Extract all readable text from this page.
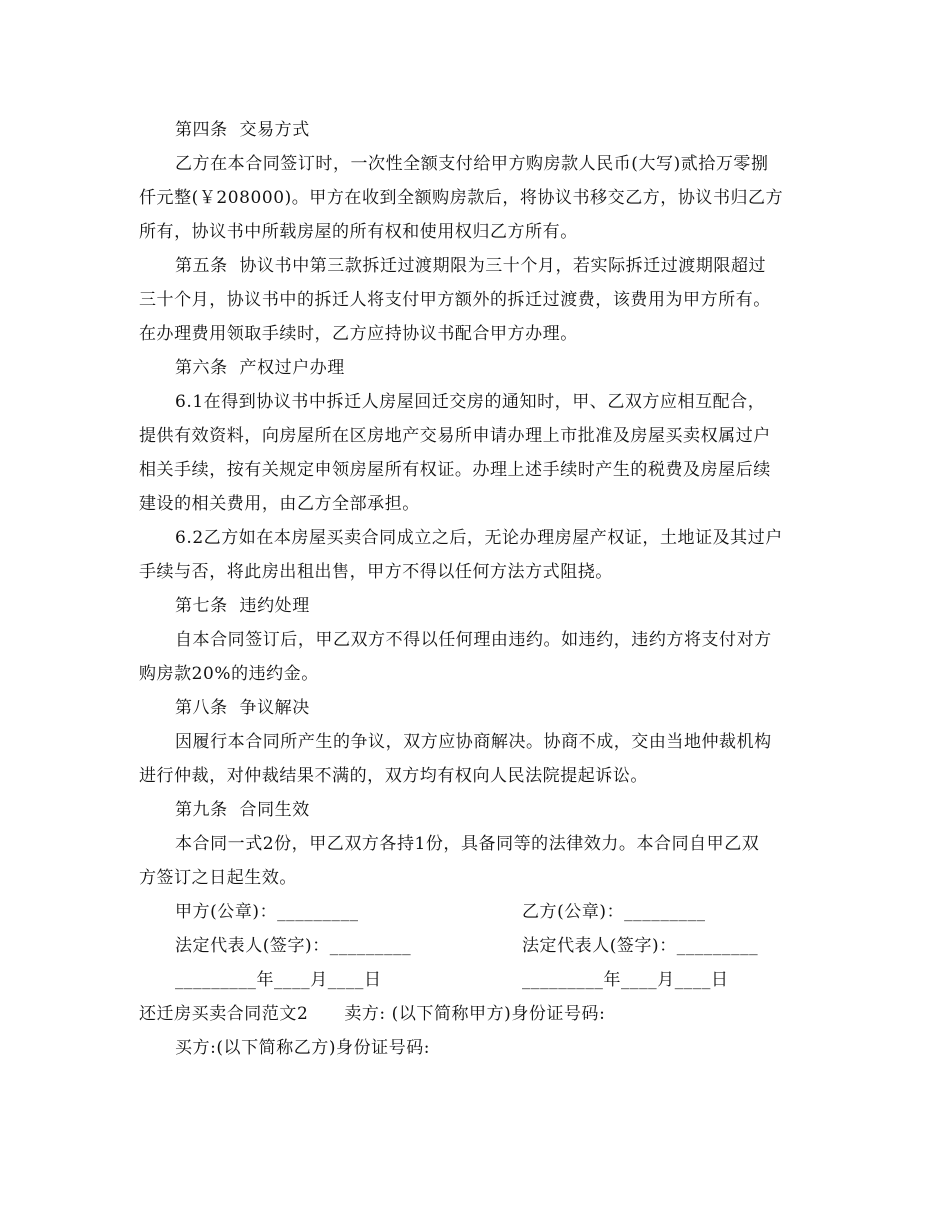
第四条  交易方式
乙方在本合同签订时，一次性全额支付给甲方购房款人民币(大写)贰拾万零捌
仟元整(￥208000)。甲方在收到全额购房款后，将协议书移交乙方，协议书归乙方
所有，协议书中所载房屋的所有权和使用权归乙方所有。
第五条  协议书中第三款拆迁过渡期限为三十个月，若实际拆迁过渡期限超过
三十个月，协议书中的拆迁人将支付甲方额外的拆迁过渡费，该费用为甲方所有。
在办理费用领取手续时，乙方应持协议书配合甲方办理。
第六条  产权过户办理
6.1在得到协议书中拆迁人房屋回迁交房的通知时，甲、乙双方应相互配合，
提供有效资料，向房屋所在区房地产交易所申请办理上市批准及房屋买卖权属过户
相关手续，按有关规定申领房屋所有权证。办理上述手续时产生的税费及房屋后续
建设的相关费用，由乙方全部承担。
6.2乙方如在本房屋买卖合同成立之后，无论办理房屋产权证，土地证及其过户
手续与否，将此房出租出售，甲方不得以任何方法方式阻挠。
第七条  违约处理
自本合同签订后，甲乙双方不得以任何理由违约。如违约，违约方将支付对方
购房款20%的违约金。
第八条  争议解决
因履行本合同所产生的争议，双方应协商解决。协商不成，交由当地仲裁机构
进行仲裁，对仲裁结果不满的，双方均有权向人民法院提起诉讼。
第九条  合同生效
本合同一式2份，甲乙双方各持1份，具备同等的法律效力。本合同自甲乙双
方签订之日起生效。

甲方(公章)：_________

	乙方(公章)：_________

法定代表人(签字)：_________

	法定代表人(签字)：_________

_________年____月____日

	_________年____月____日

还迁房买卖合同范文2 卖方: (以下简称甲方)身份证号码:
买方:(以下简称乙方)身份证号码:
